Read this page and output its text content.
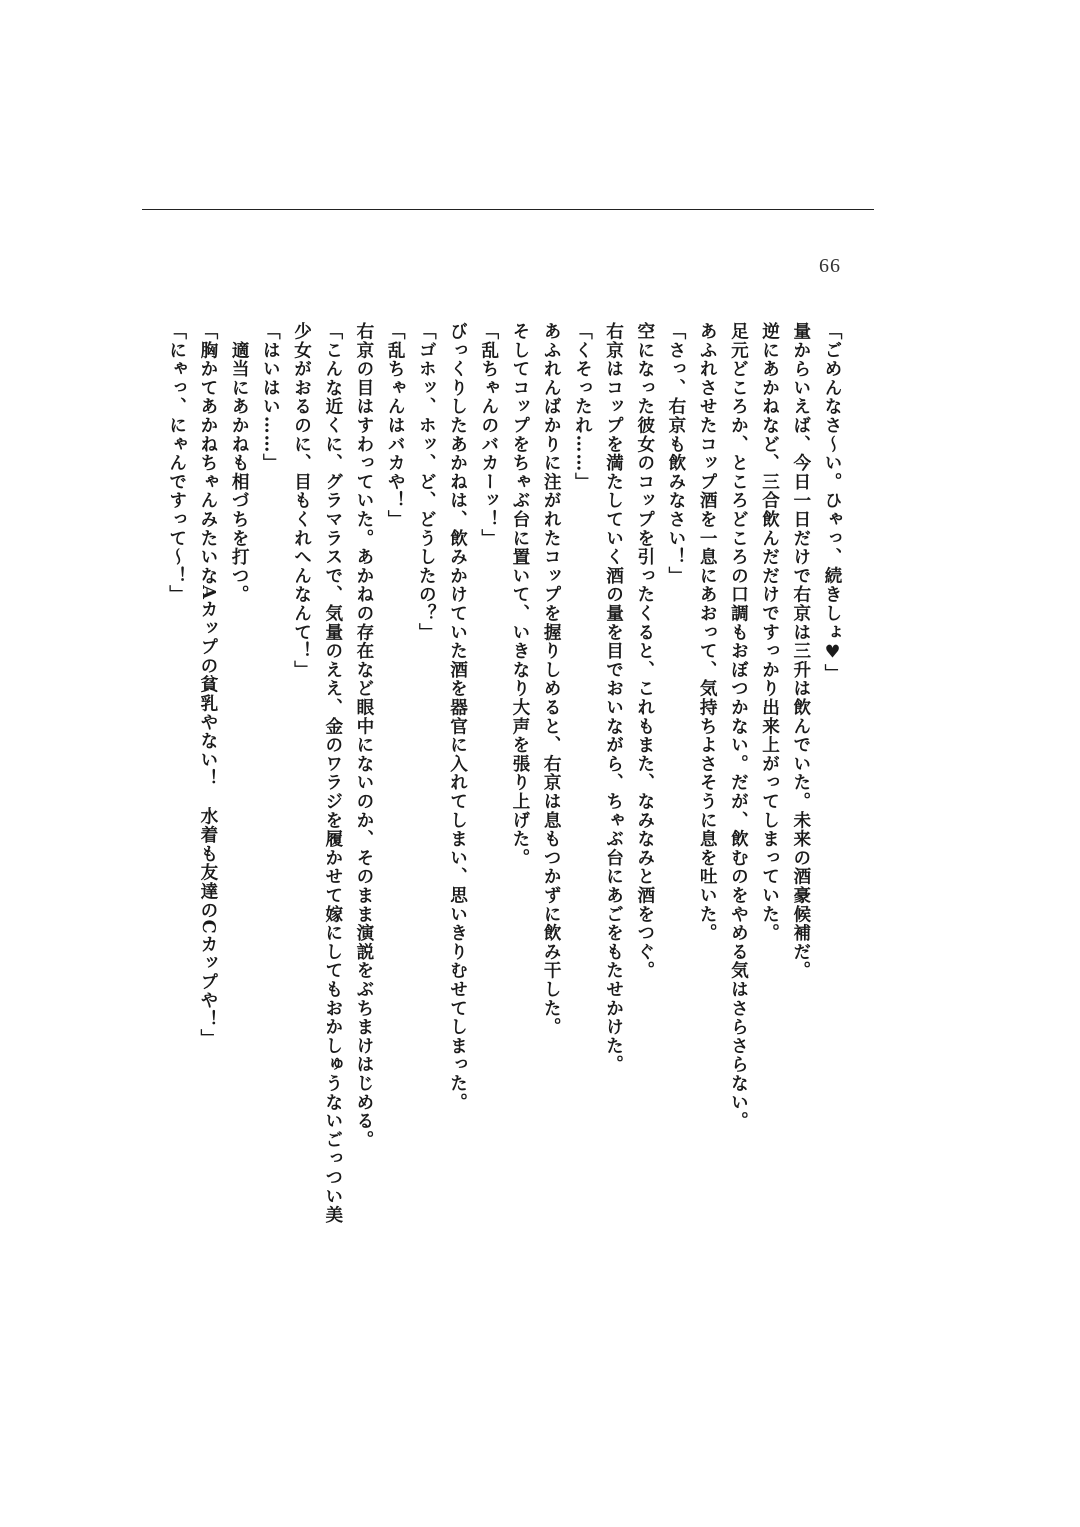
66

「ごめんなさ〜い。ひゃっ、続きしょ♥」

量からいえば、今日一日だけで右京は三升は飲んでいた。未来の酒豪候補だ。

逆にあかねなど、三合飲んだだけですっかり出来上がってしまっていた。

足元どころか、ところどころの口調もおぼつかない。だが、飲むのをやめる気はさらさらない。

あふれさせたコップ酒を一息にあおって、気持ちよさそうに息を吐いた。

「さっ、右京も飲みなさい！」

空になった彼女のコップを引ったくると、これもまた、なみなみと酒をつぐ。

右京はコップを満たしていく酒の量を目でおいながら、ちゃぶ台にあごをもたせかけた。

「くそったれ……」

あふれんばかりに注がれたコップを握りしめると、右京は息もつかずに飲み干した。

そしてコップをちゃぶ台に置いて、いきなり大声を張り上げた。

「乱ちゃんのバカーッ！」

びっくりしたあかねは、飲みかけていた酒を器官に入れてしまい、思いきりむせてしまった。

「ゴホッ、ホッ、ど、どうしたの？」

「乱ちゃんはバカや！」

右京の目はすわっていた。あかねの存在など眼中にないのか、そのまま演説をぶちまけはじめる。

「こんな近くに、グラマラスで、気量のええ、金のワラジを履かせて嫁にしてもおかしゅうないごっつい美

少女がおるのに、目もくれへんなんて！」

「はいはい……」

　適当にあかねも相づちを打つ。

「胸かてあかねちゃんみたいなAカップの貧乳やない！　水着も友達のCカップや！」

「にゃっ、にゃんですって〜！」
